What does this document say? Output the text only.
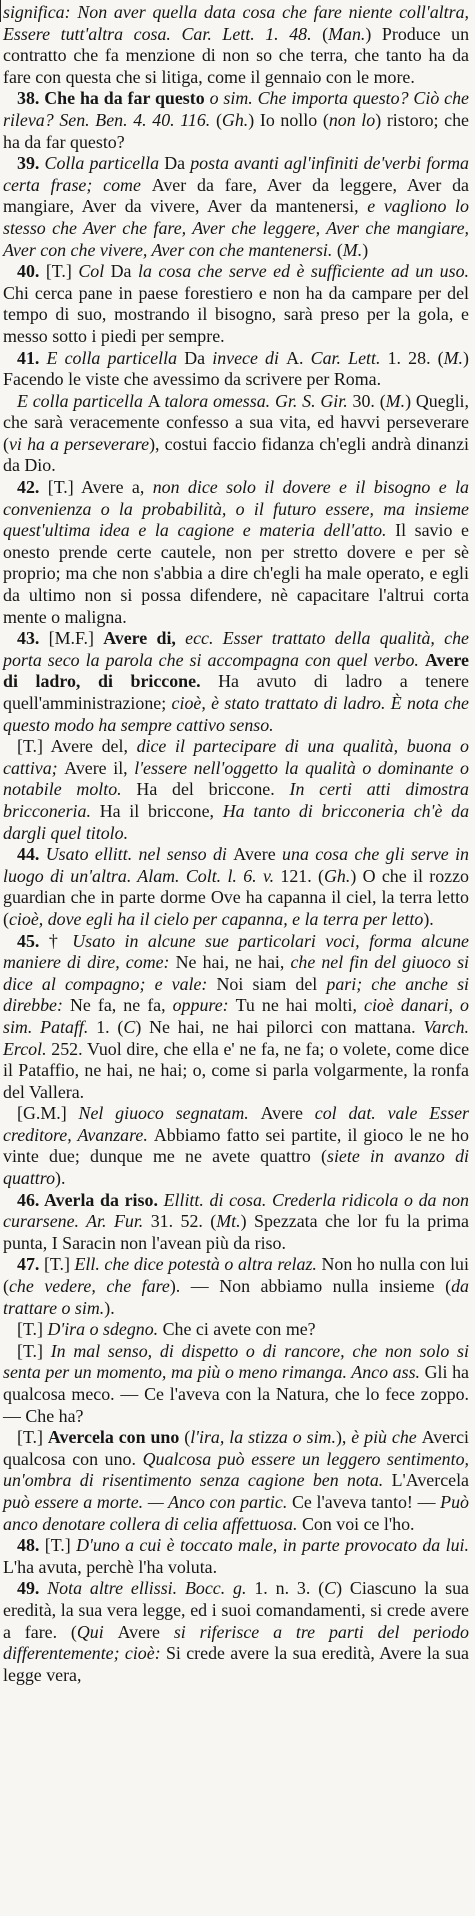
significa: Non aver quella data cosa che fare niente coll'altra, Essere tutt'altra cosa. Car. Lett. 1. 48. (Man.) Produce un contratto che fa menzione di non so che terra, che tanto ha da fare con questa che si litiga, come il gennaio con le more.

38. Che ha da far questo o sim. Che importa questo? Ciò che rileva? Sen. Ben. 4. 40. 116. (Gh.) Io nollo (non lo) ristoro; che ha da far questo?

39. Colla particella Da posta avanti agl'infiniti de'verbi forma certa frase; come Aver da fare, Aver da leggere, Aver da mangiare, Aver da vivere, Aver da mantenersi, e vagliono lo stesso che Aver che fare, Aver che leggere, Aver che mangiare, Aver con che vivere, Aver con che mantenersi. (M.)

40. [T.] Col Da la cosa che serve ed è sufficiente ad un uso. Chi cerca pane in paese forestiero e non ha da campare per del tempo di suo, mostrando il bisogno, sarà preso per la gola, e messo sotto i piedi per sempre.

41. E colla particella Da invece di A. Car. Lett. 1. 28. (M.) Facendo le viste che avessimo da scrivere per Roma.

E colla particella A talora omessa. Gr. S. Gir. 30. (M.) Quegli, che sarà veracemente confesso a sua vita, ed havvi perseverare (vi ha a perseverare), costui faccio fidanza ch'egli andrà dinanzi da Dio.

42. [T.] Avere a, non dice solo il dovere e il bisogno e la convenienza o la probabilità, o il futuro essere, ma insieme quest'ultima idea e la cagione e materia dell'atto. Il savio e onesto prende certe cautele, non per stretto dovere e per sè proprio; ma che non s'abbia a dire ch'egli ha male operato, e egli da ultimo non si possa difendere, nè capacitare l'altrui corta mente o maligna.

43. [M.F.] Avere di, ecc. Esser trattato della qualità, che porta seco la parola che si accompagna con quel verbo. Avere di ladro, di briccone. Ha avuto di ladro a tenere quell'amministrazione; cioè, è stato trattato di ladro. È nota che questo modo ha sempre cattivo senso.

[T.] Avere del, dice il partecipare di una qualità, buona o cattiva; Avere il, l'essere nell'oggetto la qualità o dominante o notabile molto. Ha del briccone. In certi atti dimostra bricconeria. Ha il briccone, Ha tanto di bricconeria ch'è da dargli quel titolo.

44. Usato ellitt. nel senso di Avere una cosa che gli serve in luogo di un'altra. Alam. Colt. l. 6. v. 121. (Gh.) O che il rozzo guardian che in parte dorme Ove ha capanna il ciel, la terra letto (cioè, dove egli ha il cielo per capanna, e la terra per letto).

45. † Usato in alcune sue particolari voci, forma alcune maniere di dire, come: Ne hai, ne hai, che nel fin del giuoco si dice al compagno; e vale: Noi siam del pari; che anche si direbbe: Ne fa, ne fa, oppure: Tu ne hai molti, cioè danari, o sim. Pataff. 1. (C) Ne hai, ne hai pilorci con mattana. Varch. Ercol. 252. Vuol dire, che ella e' ne fa, ne fa; o volete, come dice il Pataffio, ne hai, ne hai; o, come si parla volgarmente, la ronfa del Vallera.

[G.M.] Nel giuoco segnatam. Avere col dat. vale Esser creditore, Avanzare. Abbiamo fatto sei partite, il gioco le ne ho vinte due; dunque me ne avete quattro (siete in avanzo di quattro).

46. Averla da riso. Ellitt. di cosa. Crederla ridicola o da non curarsene. Ar. Fur. 31. 52. (Mt.) Spezzata che lor fu la prima punta, I Saracin non l'avean più da riso.

47. [T.] Ell. che dice potestà o altra relaz. Non ho nulla con lui (che vedere, che fare). — Non abbiamo nulla insieme (da trattare o sim.).

[T.] D'ira o sdegno. Che ci avete con me?

[T.] In mal senso, di dispetto o di rancore, che non solo si senta per un momento, ma più o meno rimanga. Anco ass. Gli ha qualcosa meco. — Ce l'aveva con la Natura, che lo fece zoppo. — Che ha?

[T.] Avercela con uno (l'ira, la stizza o sim.), è più che Averci qualcosa con uno. Qualcosa può essere un leggero sentimento, un'ombra di risentimento senza cagione ben nota. L'Avercela può essere a morte. — Anco con partic. Ce l'aveva tanto! — Può anco denotare collera di celia affettuosa. Con voi ce l'ho.

48. [T.] D'uno a cui è toccato male, in parte provocato da lui. L'ha avuta, perchè l'ha voluta.

49. Nota altre ellissi. Bocc. g. 1. n. 3. (C) Ciascuno la sua eredità, la sua vera legge, ed i suoi comandamenti, si crede avere a fare. (Qui Avere si riferisce a tre parti del periodo differentemente; cioè: Si crede avere la sua eredità, Avere la sua legge vera,
